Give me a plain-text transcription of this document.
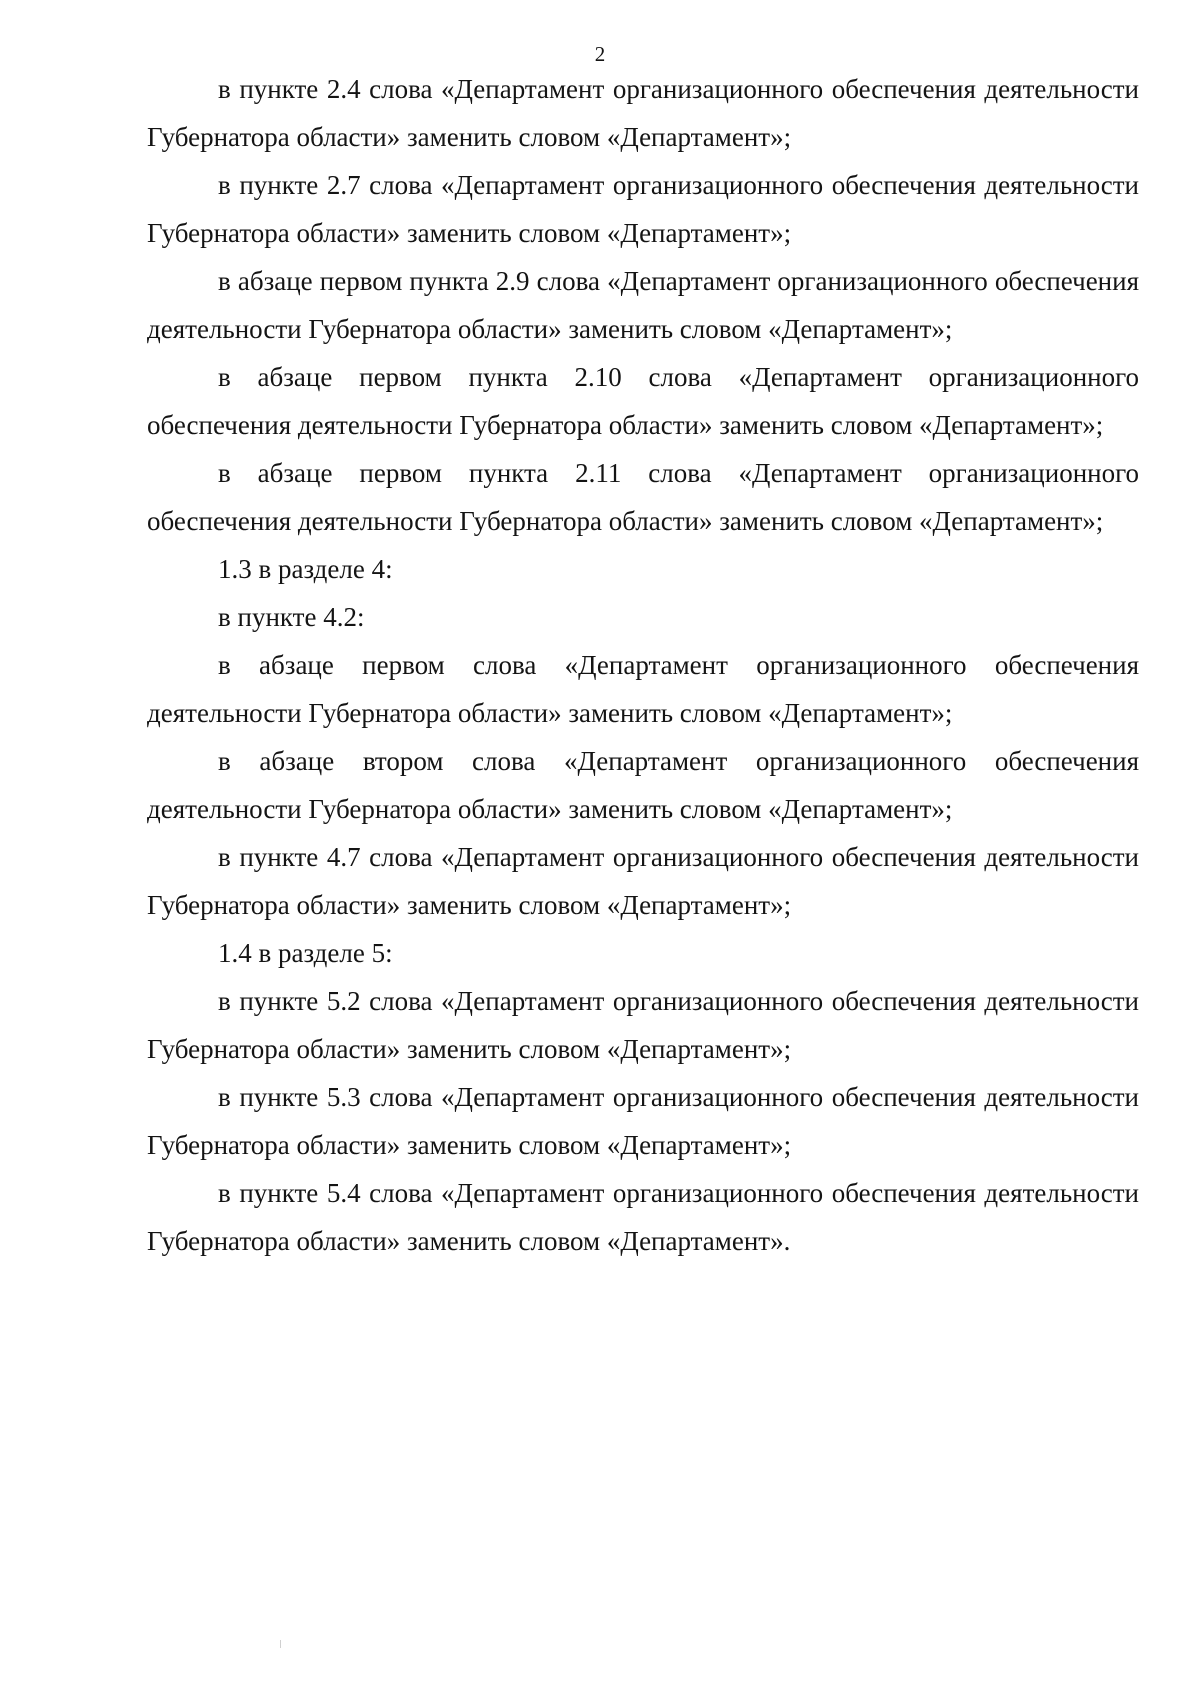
2

в пункте 2.4 слова «Департамент организационного обеспечения деятельности Губернатора области» заменить словом «Департамент»;

в пункте 2.7 слова «Департамент организационного обеспечения деятельности Губернатора области» заменить словом «Департамент»;

в абзаце первом пункта 2.9 слова «Департамент организационного обеспечения деятельности Губернатора области» заменить словом «Департамент»;

в абзаце первом пункта 2.10 слова «Департамент организационного обеспечения деятельности Губернатора области» заменить словом «Департамент»;

в абзаце первом пункта 2.11 слова «Департамент организационного обеспечения деятельности Губернатора области» заменить словом «Департамент»;

1.3 в разделе 4:

в пункте 4.2:

в абзаце первом слова «Департамент организационного обеспечения деятельности Губернатора области» заменить словом «Департамент»;

в абзаце втором слова «Департамент организационного обеспечения деятельности Губернатора области» заменить словом «Департамент»;

в пункте 4.7 слова «Департамент организационного обеспечения деятельности Губернатора области» заменить словом «Департамент»;

1.4 в разделе 5:

в пункте 5.2 слова «Департамент организационного обеспечения деятельности Губернатора области» заменить словом «Департамент»;

в пункте 5.3 слова «Департамент организационного обеспечения деятельности Губернатора области» заменить словом «Департамент»;

в пункте 5.4 слова «Департамент организационного обеспечения деятельности Губернатора области» заменить словом «Департамент».
